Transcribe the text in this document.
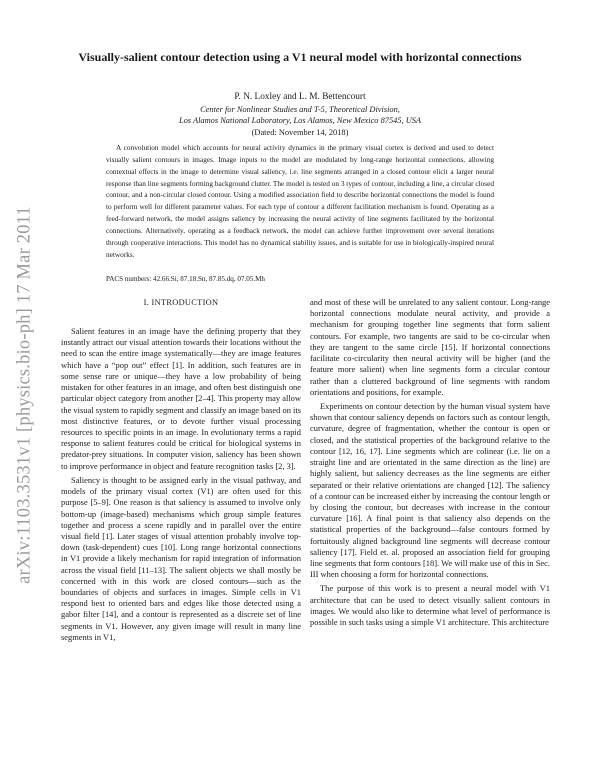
arXiv:1103.3531v1 [physics.bio-ph] 17 Mar 2011
Visually-salient contour detection using a V1 neural model with horizontal connections
P. N. Loxley and L. M. Bettencourt
Center for Nonlinear Studies and T-5, Theoretical Division,
Los Alamos National Laboratory, Los Alamos, New Mexico 87545, USA
(Dated: November 14, 2018)

A convolution model which accounts for neural activity dynamics in the primary visual cortex is derived and used to detect visually salient contours in images. Image inputs to the model are modulated by long-range horizontal connections, allowing contextual effects in the image to determine visual saliency, i.e. line segments arranged in a closed contour elicit a larger neural response than line segments forming background clutter. The model is tested on 3 types of contour, including a line, a circular closed contour, and a non-circular closed contour. Using a modified association field to describe horizontal connections the model is found to perform well for different parameter values. For each type of contour a different facilitation mechanism is found. Operating as a feed-forward network, the model assigns saliency by increasing the neural activity of line segments facilitated by the horizontal connections. Alternatively, operating as a feedback network, the model can achieve further improvement over several iterations through cooperative interactions. This model has no dynamical stability issues, and is suitable for use in biologically-inspired neural networks.

PACS numbers: 42.66.Si, 87.18.Sn, 87.85.dq, 07.05.Mh
I. INTRODUCTION

Salient features in an image have the defining property that they instantly attract our visual attention towards their locations without the need to scan the entire image systematically—they are image features which have a “pop out” effect [1]. In addition, such features are in some sense rare or unique—they have a low probability of being mistaken for other features in an image, and often best distinguish one particular object category from another [2–4]. This property may allow the visual system to rapidly segment and classify an image based on its most distinctive features, or to devote further visual processing resources to specific points in an image. In evolutionary terms a rapid response to salient features could be critical for biological systems in predator-prey situations. In computer vision, saliency has been shown to improve performance in object and feature recognition tasks [2, 3].

Saliency is thought to be assigned early in the visual pathway, and models of the primary visual cortex (V1) are often used for this purpose [5–9]. One reason is that saliency is assumed to involve only bottom-up (image-based) mechanisms which group simple features together and process a scene rapidly and in parallel over the entire visual field [1]. Later stages of visual attention probably involve top-down (task-dependent) cues [10]. Long range horizontal connections in V1 provide a likely mechanism for rapid integration of information across the visual field [11–13]. The salient objects we shall mostly be concerned with in this work are closed contours—such as the boundaries of objects and surfaces in images. Simple cells in V1 respond best to oriented bars and edges like those detected using a gabor filter [14], and a contour is represented as a discrete set of line segments in V1. However, any given image will result in many line segments in V1,

and most of these will be unrelated to any salient contour. Long-range horizontal connections modulate neural activity, and provide a mechanism for grouping together line segments that form salient contours. For example, two tangents are said to be co-circular when they are tangent to the same circle [15]. If horizontal connections facilitate co-circularity then neural activity will be higher (and the feature more salient) when line segments form a circular contour rather than a cluttered background of line segments with random orientations and positions, for example.

Experiments on contour detection by the human visual system have shown that contour saliency depends on factors such as contour length, curvature, degree of fragmentation, whether the contour is open or closed, and the statistical properties of the background relative to the contour [12, 16, 17]. Line segments which are colinear (i.e. lie on a straight line and are orientated in the same direction as the line) are highly salient, but saliency decreases as the line segments are either separated or their relative orientations are changed [12]. The saliency of a contour can be increased either by increasing the contour length or by closing the contour, but decreases with increase in the contour curvature [16]. A final point is that saliency also depends on the statistical properties of the background—false contours formed by fortuitously aligned background line segments will decrease contour saliency [17]. Field et. al. proposed an association field for grouping line segments that form contours [18]. We will make use of this in Sec. III when choosing a form for horizontal connections.

The purpose of this work is to present a neural model with V1 architecture that can be used to detect visually salient contours in images. We would also like to determine what level of performance is possible in such tasks using a simple V1 architecture. This architecture
